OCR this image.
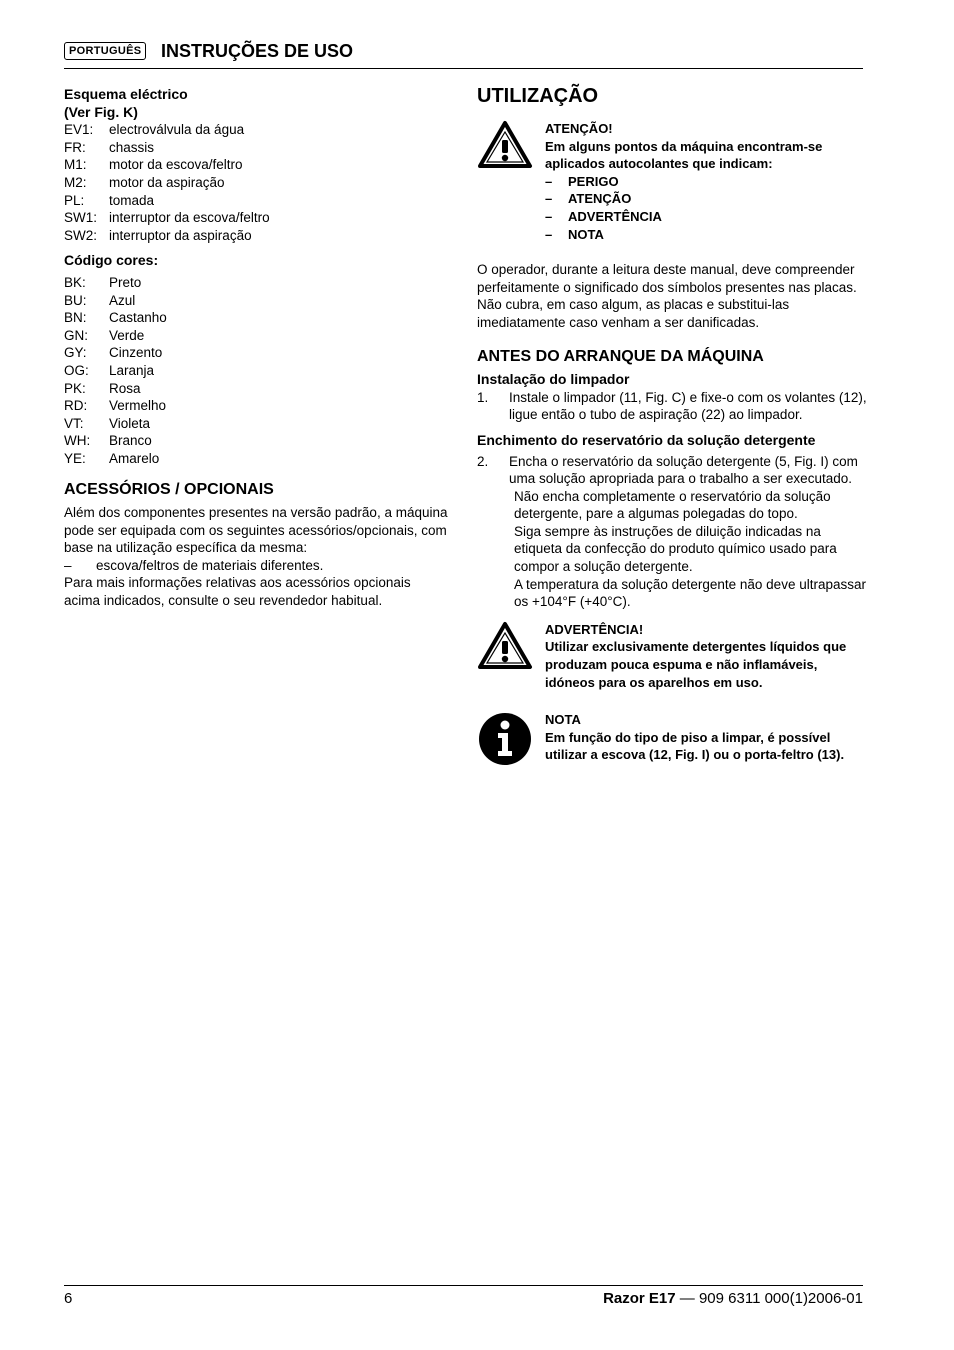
PORTUGUÊS INSTRUÇÕES DE USO
Esquema eléctrico
(Ver Fig. K)
EV1:	electroválvula da água
FR:	chassis
M1:	motor da escova/feltro
M2:	motor da aspiração
PL:	tomada
SW1: interruptor da escova/feltro
SW2: interruptor da aspiração
Código cores:
BK:	Preto
BU:	Azul
BN:	Castanho
GN:	Verde
GY:	Cinzento
OG:	Laranja
PK:	Rosa
RD:	Vermelho
VT:	Violeta
WH:	Branco
YE:	Amarelo
ACESSÓRIOS / OPCIONAIS
Além dos componentes presentes na versão padrão, a máquina pode ser equipada com os seguintes acessórios/opcionais, com base na utilização específica da mesma:
–	escova/feltros de materiais diferentes.
Para mais informações relativas aos acessórios opcionais acima indicados, consulte o seu revendedor habitual.
UTILIZAÇÃO
ATENÇÃO!
Em alguns pontos da máquina encontram-se aplicados autocolantes que indicam:
–	PERIGO
–	ATENÇÃO
–	ADVERTÊNCIA
–	NOTA
O operador, durante a leitura deste manual, deve compreender perfeitamente o significado dos símbolos presentes nas placas.
Não cubra, em caso algum, as placas e substitui-las imediatamente caso venham a ser danificadas.
ANTES DO ARRANQUE DA MÁQUINA
Instalação do limpador
1.	Instale o limpador (11, Fig. C) e fixe-o com os volantes (12), ligue então o tubo de aspiração (22) ao limpador.
Enchimento do reservatório da solução detergente
2.	Encha o reservatório da solução detergente (5, Fig. I) com uma solução apropriada para o trabalho a ser executado.
Não encha completamente o reservatório da solução detergente, pare a algumas polegadas do topo.
Siga sempre às instruções de diluição indicadas na etiqueta da confecção do produto químico usado para compor a solução detergente.
A temperatura da solução detergente não deve ultrapassar os +104°F (+40°C).
ADVERTÊNCIA!
Utilizar exclusivamente detergentes líquidos que produzam pouca espuma e não inflamáveis, idóneos para os aparelhos em uso.
NOTA
Em função do tipo de piso a limpar, é possível utilizar a escova (12, Fig. I) ou o porta-feltro (13).
6	Razor E17 — 909 6311 000(1)2006-01
